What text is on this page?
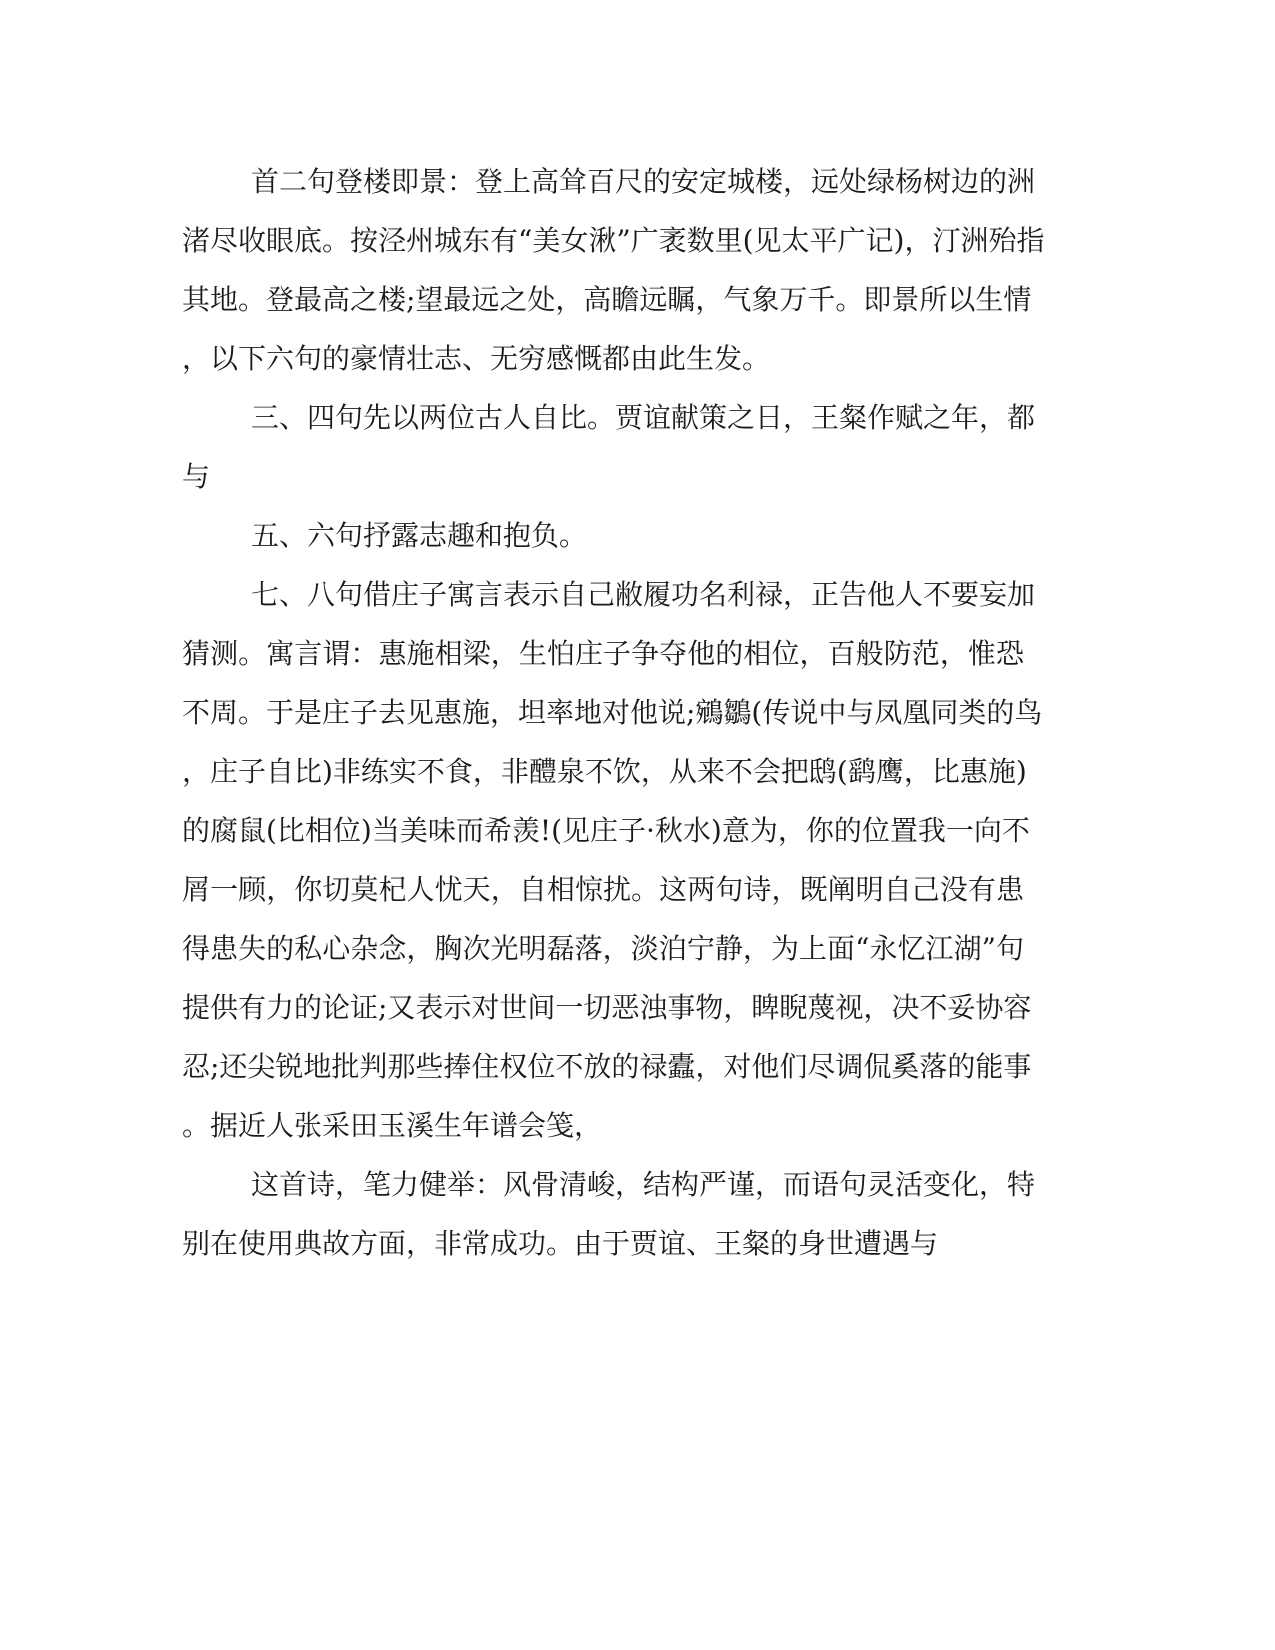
首二句登楼即景：登上高耸百尺的安定城楼，远处绿杨树边的洲
渚尽收眼底。按泾州城东有“美女湫”广袤数里(见太平广记)，汀洲殆指
其地。登最高之楼;望最远之处，高瞻远瞩，气象万千。即景所以生情
，以下六句的豪情壮志、无穷感慨都由此生发。
三、四句先以两位古人自比。贾谊献策之日，王粲作赋之年，都
与
五、六句抒露志趣和抱负。
七、八句借庄子寓言表示自己敝履功名利禄，正告他人不要妄加
猜测。寓言谓：惠施相梁，生怕庄子争夺他的相位，百般防范，惟恐
不周。于是庄子去见惠施，坦率地对他说;鵷鶵(传说中与凤凰同类的鸟
，庄子自比)非练实不食，非醴泉不饮，从来不会把鸱(鹞鹰，比惠施)
的腐鼠(比相位)当美味而希羡!(见庄子·秋水)意为，你的位置我一向不
屑一顾，你切莫杞人忧天，自相惊扰。这两句诗，既阐明自己没有患
得患失的私心杂念，胸次光明磊落，淡泊宁静，为上面“永忆江湖”句
提供有力的论证;又表示对世间一切恶浊事物，睥睨蔑视，决不妥协容
忍;还尖锐地批判那些捧住权位不放的禄蠹，对他们尽调侃奚落的能事
。据近人张采田玉溪生年谱会笺，
这首诗，笔力健举：风骨清峻，结构严谨，而语句灵活变化，特
别在使用典故方面，非常成功。由于贾谊、王粲的身世遭遇与
